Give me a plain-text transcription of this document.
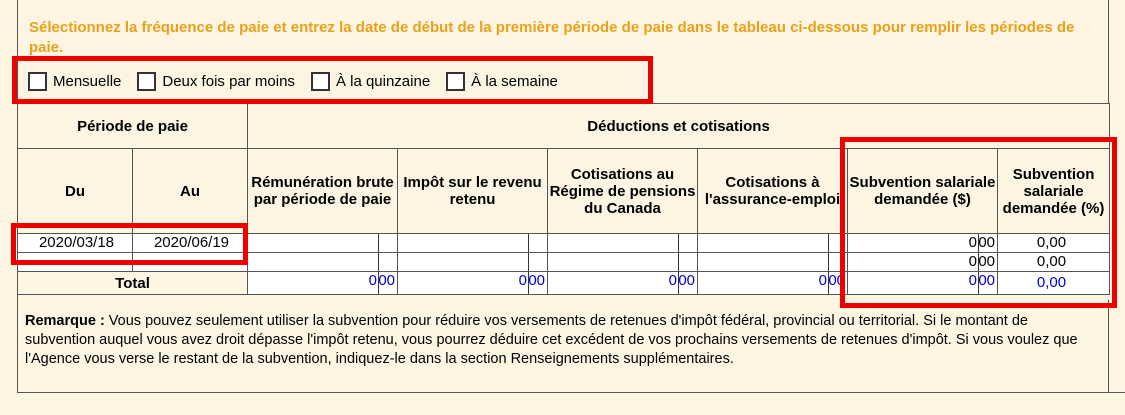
Sélectionnez la fréquence de paie et entrez la date de début de la première période de paie dans le tableau ci-dessous pour remplir les périodes de paie.
Mensuelle	Deux fois par moins	À la quinzaine	À la semaine
Période de paie		Déductions et cotisations					
Du	Au	Rémunération brute par période de paie	Impôt sur le revenu retenu	Cotisations au Régime de pensions du Canada	Cotisations à l'assurance-emploi	Subvention salariale demandée ($)	Subvention salariale demandée (%)
2020/03/18	2020/06/19					0 00	0,00

						0 00	0,00
Total		0 00	0 00	0 00	0 00	0 00	0,00
Remarque : Vous pouvez seulement utiliser la subvention pour réduire vos versements de retenues d'impôt fédéral, provincial ou territorial. Si le montant de subvention auquel vous avez droit dépasse l'impôt retenu, vous pourrez déduire cet excédent de vos prochains versements de retenues d'impôt. Si vous voulez que l'Agence vous verse le restant de la subvention, indiquez-le dans la section Renseignements supplémentaires.
